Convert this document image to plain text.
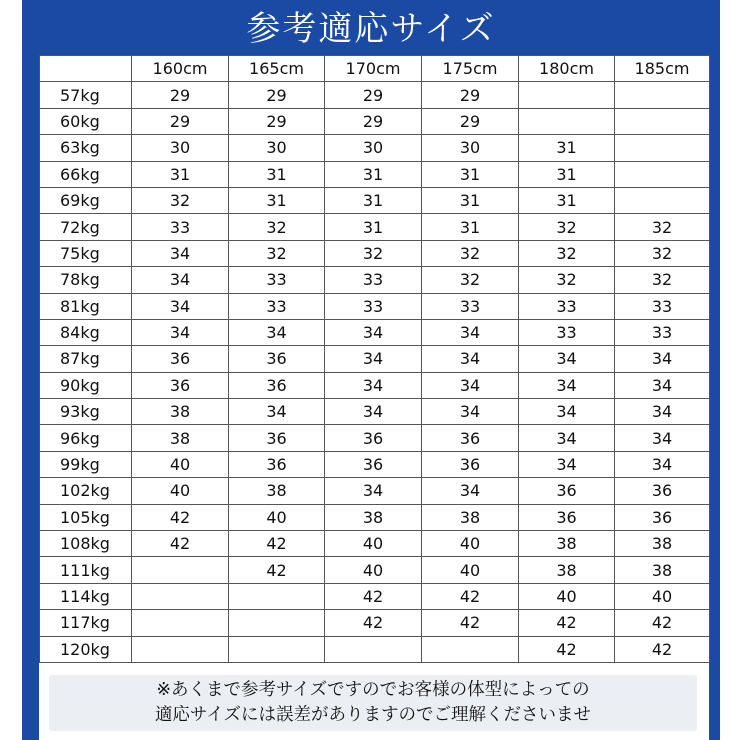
参考適応サイズ
	160cm	165cm	170cm	175cm	180cm	185cm
57kg	29	29	29	29		
60kg	29	29	29	29		
63kg	30	30	30	30	31	
66kg	31	31	31	31	31	
69kg	32	31	31	31	31	
72kg	33	32	31	31	32	32
75kg	34	32	32	32	32	32
78kg	34	33	33	32	32	32
81kg	34	33	33	33	33	33
84kg	34	34	34	34	33	33
87kg	36	36	34	34	34	34
90kg	36	36	34	34	34	34
93kg	38	34	34	34	34	34
96kg	38	36	36	36	34	34
99kg	40	36	36	36	34	34
102kg	40	38	34	34	36	36
105kg	42	40	38	38	36	36
108kg	42	42	40	40	38	38
111kg		42	40	40	38	38
114kg			42	42	40	40
117kg			42	42	42	42
120kg					42	42
※あくまで参考サイズですのでお客様の体型によっての
適応サイズには誤差がありますのでご理解くださいませ
